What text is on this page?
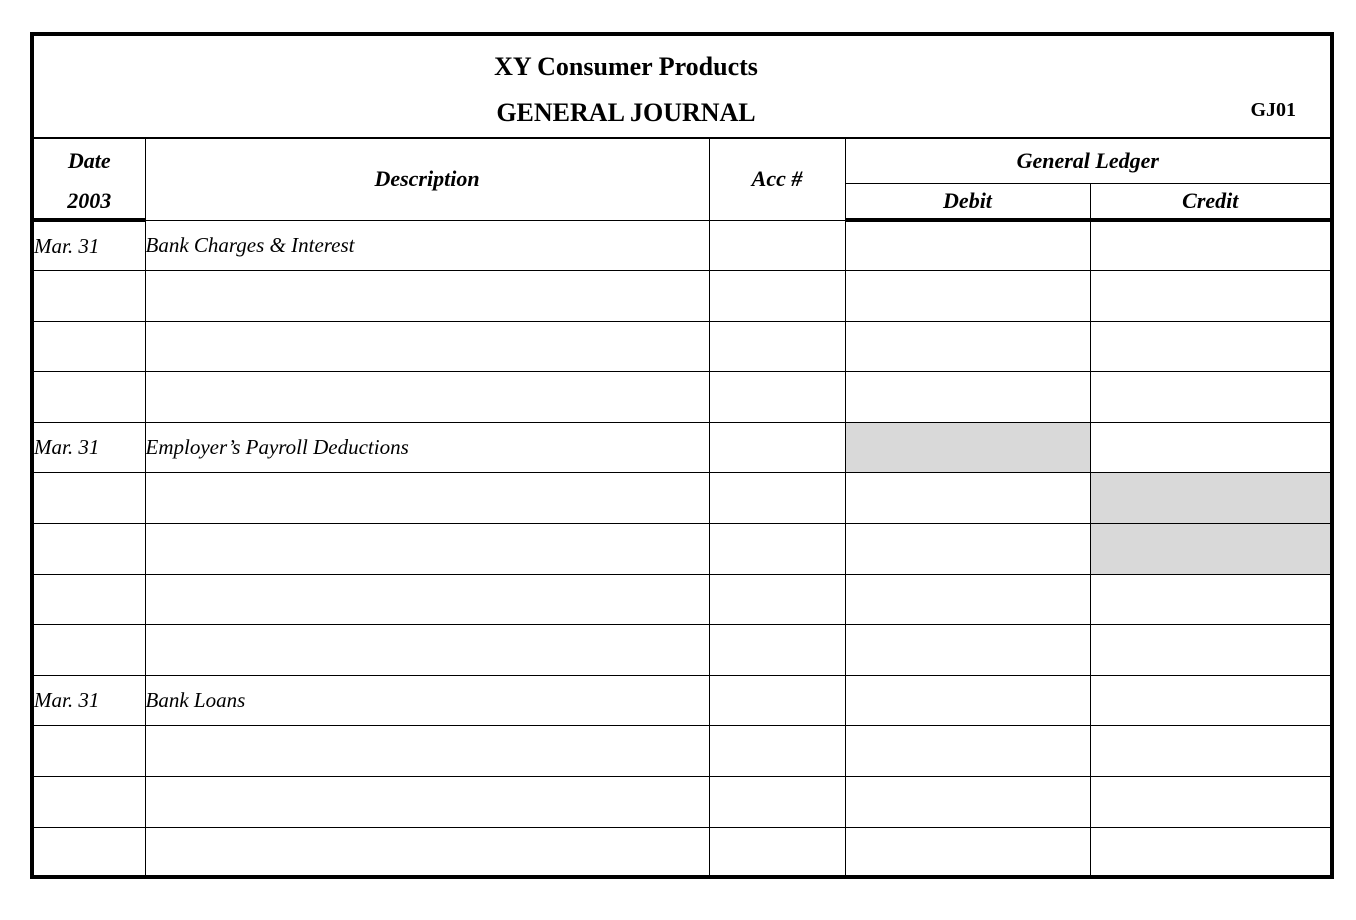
XY Consumer Products
GENERAL JOURNAL	GJ01
Date	Description	Acc #	General Ledger	
2003			Debit	Credit
Mar. 31	Bank Charges & Interest			

Mar. 31	Employer’s Payroll Deductions			

Mar. 31	Bank Loans			
